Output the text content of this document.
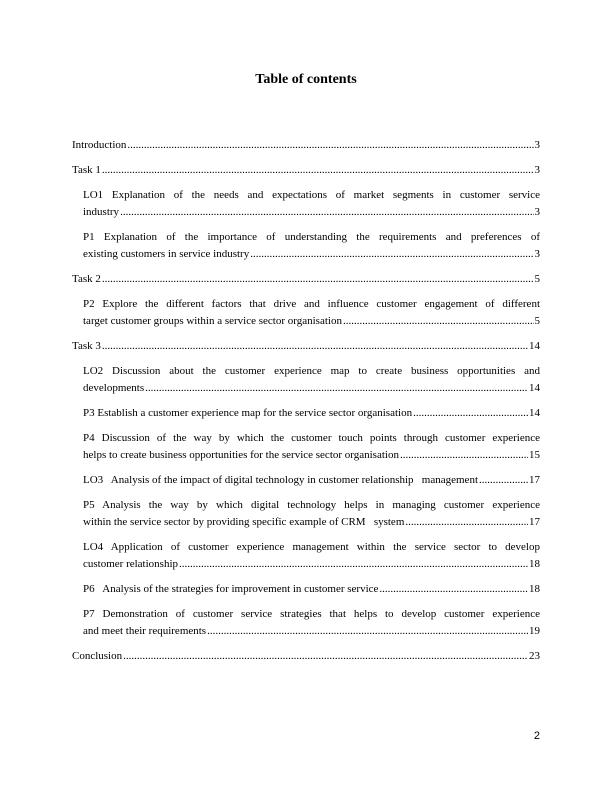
Table of contents
Introduction .....	3
Task 1 .....	3
LO1 Explanation of the needs and expectations of market segments in customer service
industry .....	3
P1 Explanation of the importance of understanding the requirements and preferences of
existing customers in service industry .....	3
Task 2 .....	5
P2 Explore the different factors that drive and influence customer engagement of different
target customer groups within a service sector organisation .....	5
Task 3 .....	14
LO2 Discussion about the customer experience map to create business opportunities and
developments .....	14
P3 Establish a customer experience map for the service sector organisation .....	14
P4 Discussion of the way by which the customer touch points through customer experience
helps to create business opportunities for the service sector organisation .....	15
LO3   Analysis of the impact of digital technology in customer relationship   management .....	17
P5 Analysis the way by which digital technology helps in managing customer experience
within the service sector by providing specific example of CRM   system .....	17
LO4 Application of customer experience management within the service sector to develop
customer relationship .....	18
P6   Analysis of the strategies for improvement in customer service .....	18
P7 Demonstration of customer service strategies that helps to develop customer experience
and meet their requirements .....	19
Conclusion .....	23
2
